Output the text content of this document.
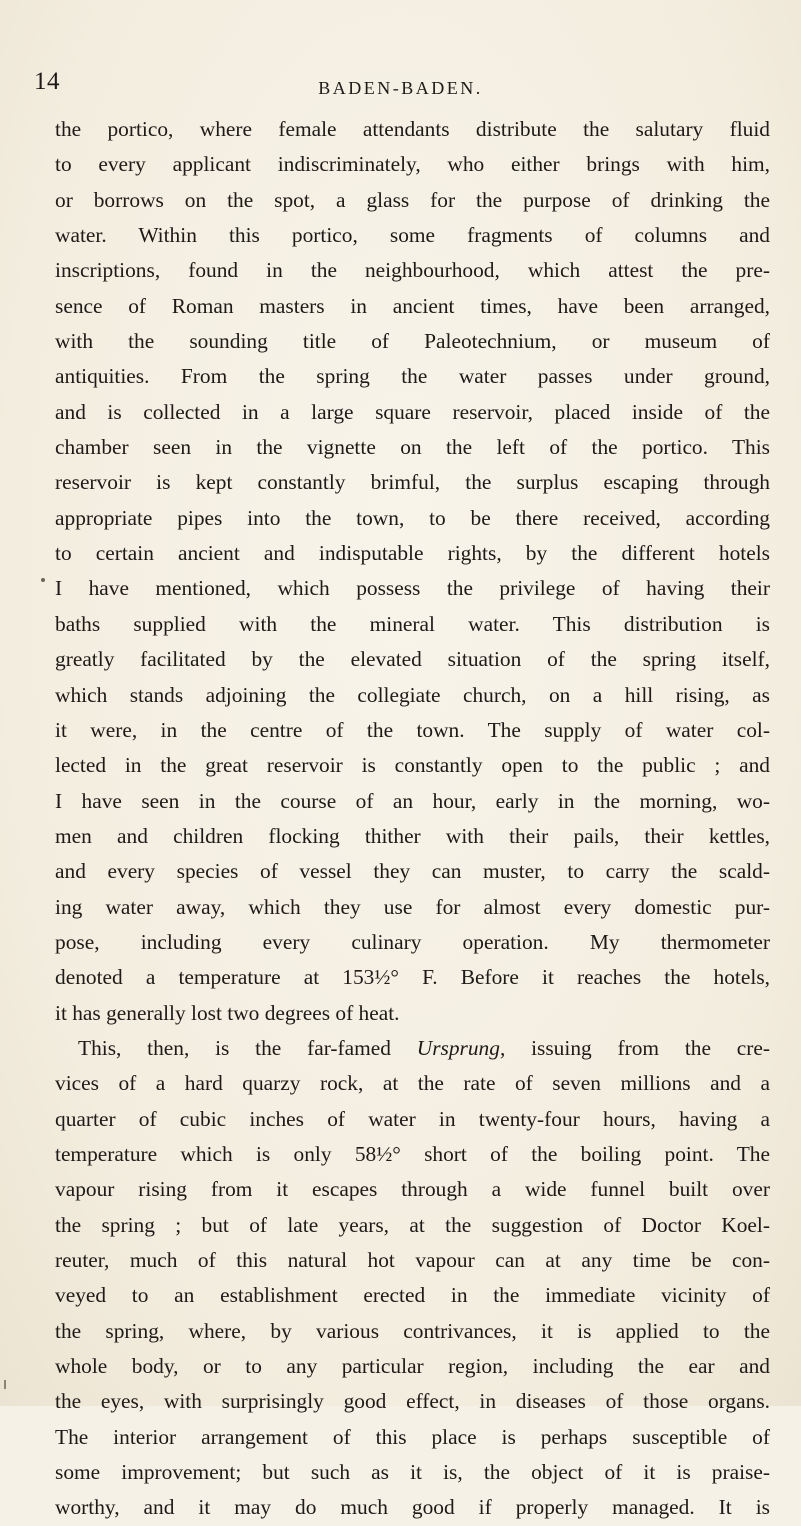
14	BADEN-BADEN.
the portico, where female attendants distribute the salutary fluid
to every applicant indiscriminately, who either brings with him,
or borrows on the spot, a glass for the purpose of drinking the
water. Within this portico, some fragments of columns and
inscriptions, found in the neighbourhood, which attest the pre-
sence of Roman masters in ancient times, have been arranged,
with the sounding title of Paleotechnium, or museum of
antiquities. From the spring the water passes under ground,
and is collected in a large square reservoir, placed inside of the
chamber seen in the vignette on the left of the portico. This
reservoir is kept constantly brimful, the surplus escaping through
appropriate pipes into the town, to be there received, according
to certain ancient and indisputable rights, by the different hotels
I have mentioned, which possess the privilege of having their
baths supplied with the mineral water. This distribution is
greatly facilitated by the elevated situation of the spring itself,
which stands adjoining the collegiate church, on a hill rising, as
it were, in the centre of the town. The supply of water col-
lected in the great reservoir is constantly open to the public ; and
I have seen in the course of an hour, early in the morning, wo-
men and children flocking thither with their pails, their kettles,
and every species of vessel they can muster, to carry the scald-
ing water away, which they use for almost every domestic pur-
pose, including every culinary operation. My thermometer
denoted a temperature at 153½° F. Before it reaches the hotels,
it has generally lost two degrees of heat.
This, then, is the far-famed Ursprung, issuing from the cre-
vices of a hard quarzy rock, at the rate of seven millions and a
quarter of cubic inches of water in twenty-four hours, having a
temperature which is only 58½° short of the boiling point. The
vapour rising from it escapes through a wide funnel built over
the spring ; but of late years, at the suggestion of Doctor Koel-
reuter, much of this natural hot vapour can at any time be con-
veyed to an establishment erected in the immediate vicinity of
the spring, where, by various contrivances, it is applied to the
whole body, or to any particular region, including the ear and
the eyes, with surprisingly good effect, in diseases of those organs.
The interior arrangement of this place is perhaps susceptible of
some improvement; but such as it is, the object of it is praise-
worthy, and it may do much good if properly managed. It is
